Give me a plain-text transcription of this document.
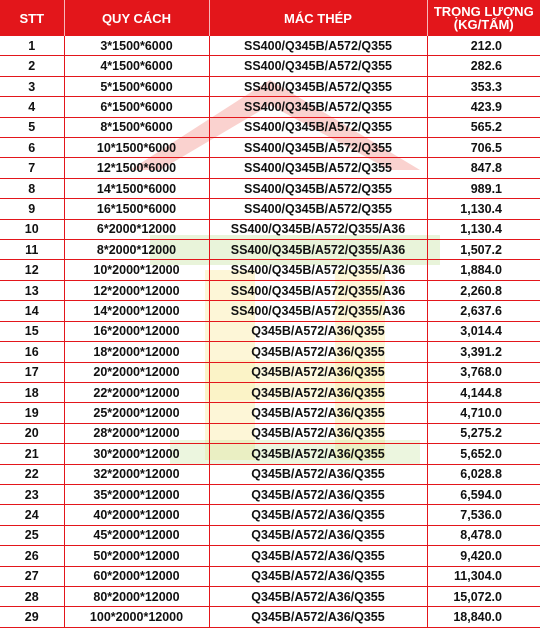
STT	QUY CÁCH	MÁC THÉP	TRỌNG LƯỢNG
(KG/TẤM)
1	3*1500*6000	SS400/Q345B/A572/Q355	212.0
2	4*1500*6000	SS400/Q345B/A572/Q355	282.6
3	5*1500*6000	SS400/Q345B/A572/Q355	353.3
4	6*1500*6000	SS400/Q345B/A572/Q355	423.9
5	8*1500*6000	SS400/Q345B/A572/Q355	565.2
6	10*1500*6000	SS400/Q345B/A572/Q355	706.5
7	12*1500*6000	SS400/Q345B/A572/Q355	847.8
8	14*1500*6000	SS400/Q345B/A572/Q355	989.1
9	16*1500*6000	SS400/Q345B/A572/Q355	1,130.4
10	6*2000*12000	SS400/Q345B/A572/Q355/A36	1,130.4
11	8*2000*12000	SS400/Q345B/A572/Q355/A36	1,507.2
12	10*2000*12000	SS400/Q345B/A572/Q355/A36	1,884.0
13	12*2000*12000	SS400/Q345B/A572/Q355/A36	2,260.8
14	14*2000*12000	SS400/Q345B/A572/Q355/A36	2,637.6
15	16*2000*12000	Q345B/A572/A36/Q355	3,014.4
16	18*2000*12000	Q345B/A572/A36/Q355	3,391.2
17	20*2000*12000	Q345B/A572/A36/Q355	3,768.0
18	22*2000*12000	Q345B/A572/A36/Q355	4,144.8
19	25*2000*12000	Q345B/A572/A36/Q355	4,710.0
20	28*2000*12000	Q345B/A572/A36/Q355	5,275.2
21	30*2000*12000	Q345B/A572/A36/Q355	5,652.0
22	32*2000*12000	Q345B/A572/A36/Q355	6,028.8
23	35*2000*12000	Q345B/A572/A36/Q355	6,594.0
24	40*2000*12000	Q345B/A572/A36/Q355	7,536.0
25	45*2000*12000	Q345B/A572/A36/Q355	8,478.0
26	50*2000*12000	Q345B/A572/A36/Q355	9,420.0
27	60*2000*12000	Q345B/A572/A36/Q355	11,304.0
28	80*2000*12000	Q345B/A572/A36/Q355	15,072.0
29	100*2000*12000	Q345B/A572/A36/Q355	18,840.0
